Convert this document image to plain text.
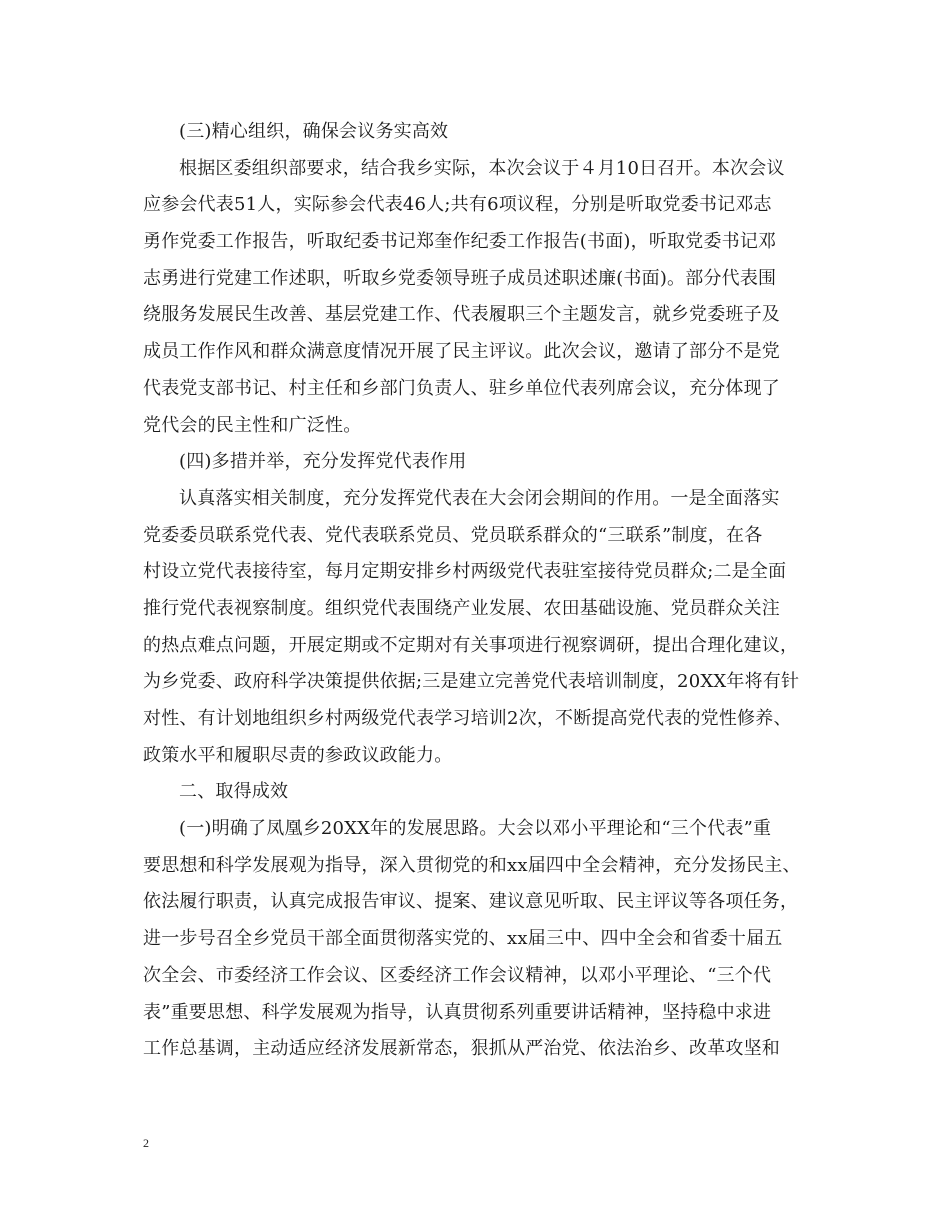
(三)精心组织，确保会议务实高效
根据区委组织部要求，结合我乡实际，本次会议于４月10日召开。本次会议
应参会代表51人，实际参会代表46人;共有6项议程，分别是听取党委书记邓志
勇作党委工作报告，听取纪委书记郑奎作纪委工作报告(书面)，听取党委书记邓
志勇进行党建工作述职，听取乡党委领导班子成员述职述廉(书面)。部分代表围
绕服务发展民生改善、基层党建工作、代表履职三个主题发言，就乡党委班子及
成员工作作风和群众满意度情况开展了民主评议。此次会议，邀请了部分不是党
代表党支部书记、村主任和乡部门负责人、驻乡单位代表列席会议，充分体现了
党代会的民主性和广泛性。
(四)多措并举，充分发挥党代表作用
认真落实相关制度，充分发挥党代表在大会闭会期间的作用。一是全面落实
党委委员联系党代表、党代表联系党员、党员联系群众的“三联系”制度，在各
村设立党代表接待室，每月定期安排乡村两级党代表驻室接待党员群众;二是全面
推行党代表视察制度。组织党代表围绕产业发展、农田基础设施、党员群众关注
的热点难点问题，开展定期或不定期对有关事项进行视察调研，提出合理化建议，
为乡党委、政府科学决策提供依据;三是建立完善党代表培训制度，20XX年将有针
对性、有计划地组织乡村两级党代表学习培训2次，不断提高党代表的党性修养、
政策水平和履职尽责的参政议政能力。
二、取得成效
(一)明确了凤凰乡20XX年的发展思路。大会以邓小平理论和“三个代表”重
要思想和科学发展观为指导，深入贯彻党的和xx届四中全会精神，充分发扬民主、
依法履行职责，认真完成报告审议、提案、建议意见听取、民主评议等各项任务，
进一步号召全乡党员干部全面贯彻落实党的、xx届三中、四中全会和省委十届五
次全会、市委经济工作会议、区委经济工作会议精神，以邓小平理论、“三个代
表”重要思想、科学发展观为指导，认真贯彻系列重要讲话精神，坚持稳中求进
工作总基调，主动适应经济发展新常态，狠抓从严治党、依法治乡、改革攻坚和
2
